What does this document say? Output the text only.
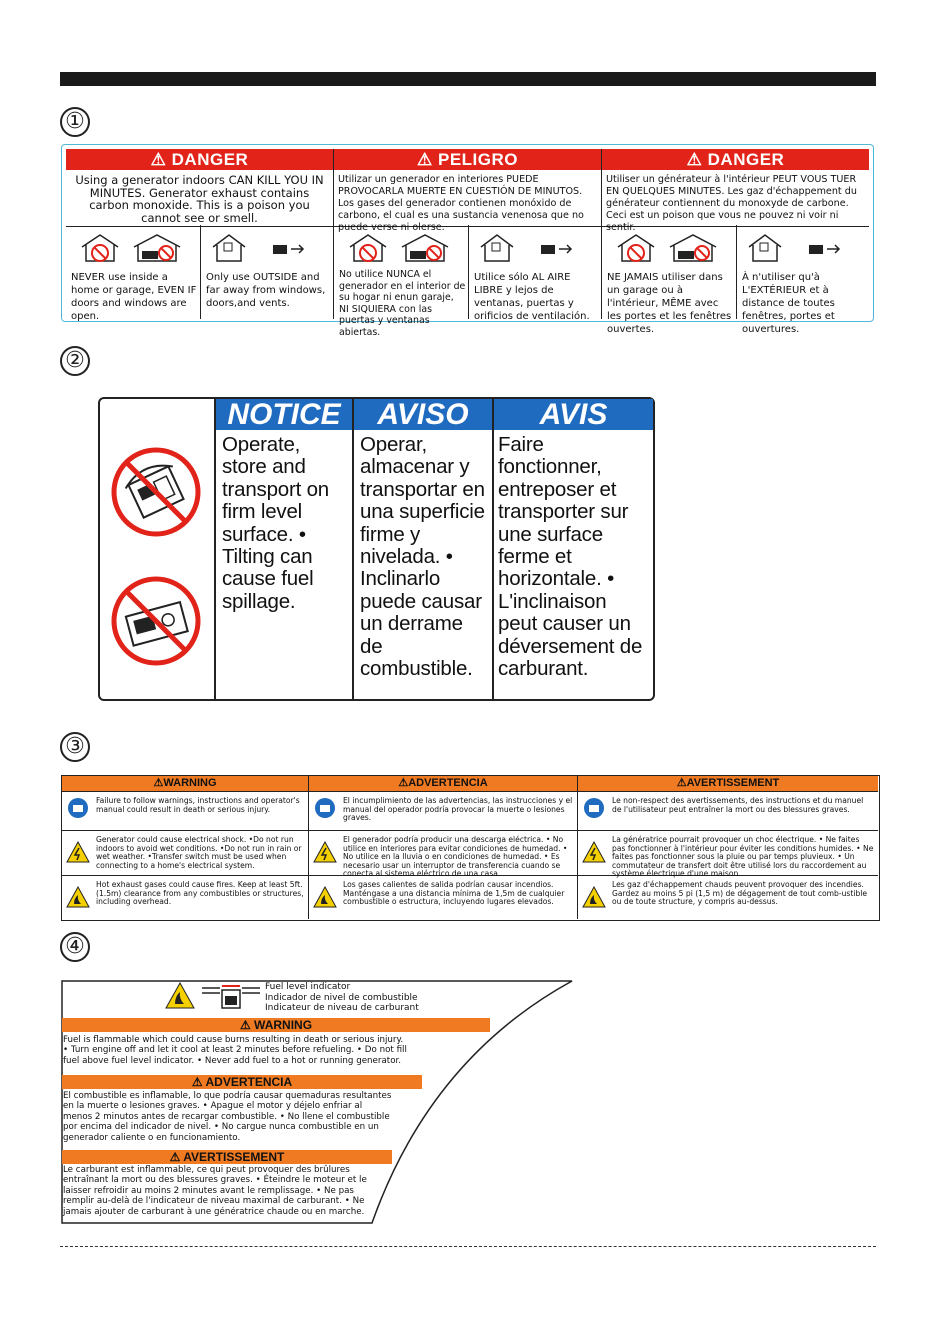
①
⚠ DANGER
Using a generator indoors CAN KILL YOU IN MINUTES. Generator exhaust contains carbon monoxide. This is a poison you cannot see or smell.
NEVER use inside a home or garage, EVEN IF doors and windows are open.
Only use OUTSIDE and far away from windows, doors,and vents.
⚠ PELIGRO
Utilizar un generador en interiores PUEDE PROVOCARLA MUERTE EN CUESTIÓN DE MINUTOS. Los gases del generador contienen monóxido de carbono, el cual es una sustancia venenosa que no puede verse ni olerse.
No utilice NUNCA el generador en el interior de su hogar ni enun garaje, NI SIQUIERA con las puertas y ventanas abiertas.
Utilice sólo AL AIRE LIBRE y lejos de ventanas, puertas y orificios de ventilación.
⚠ DANGER
Utiliser un générateur à l'intérieur PEUT VOUS TUER EN QUELQUES MINUTES. Les gaz d'échappement du générateur contiennent du monoxyde de carbone. Ceci est un poison que vous ne pouvez ni voir ni sentir.
NE JAMAIS utiliser dans un garage ou à l'intérieur, MÊME avec les portes et les fenêtres ouvertes.
À n'utiliser qu'à L'EXTÉRIEUR et à distance de toutes fenêtres, portes et ouvertures.
②
NOTICE
Operate, store and transport on firm level surface. • Tilting can cause fuel spillage.
AVISO
Operar, almacenar y transportar en una superficie firme y nivelada. • Inclinarlo puede causar un derrame de combustible.
AVIS
Faire fonctionner, entreposer et transporter sur une surface ferme et horizontale. • L'inclinaison peut causer un déversement de carburant.
③
⚠WARNING
Failure to follow warnings, instructions and operator's manual could result in death or serious injury.
Generator could cause electrical shock. •Do not run indoors to avoid wet conditions. •Do not run in rain or wet weather. •Transfer switch must be used when connecting to a home's electrical system.
Hot exhaust gases could cause fires. Keep at least 5ft. (1.5m) clearance from any combustibles or structures, including overhead.
⚠ADVERTENCIA
El incumplimiento de las advertencias, las instrucciones y el manual del operador podría provocar la muerte o lesiones graves.
El generador podría producir una descarga eléctrica. • No utilice en interiores para evitar condiciones de humedad. • No utilice en la lluvia o en condiciones de humedad. • Es necesario usar un interruptor de transferencia cuando se conecta al sistema eléctrico de una casa.
Los gases calientes de salida podrían causar incendios. Manténgase a una distancia mínima de 1,5m de cualquier combustible o estructura, incluyendo lugares elevados.
⚠AVERTISSEMENT
Le non-respect des avertissements, des instructions et du manuel de l'utilisateur peut entraîner la mort ou des blessures graves.
La génératrice pourrait provoquer un choc électrique. • Ne faites pas fonctionner à l'intérieur pour éviter les conditions humides. • Ne faites pas fonctionner sous la pluie ou par temps pluvieux. • Un commutateur de transfert doit être utilisé lors du raccordement au système électrique d'une maison.
Les gaz d'échappement chauds peuvent provoquer des incendies. Gardez au moins 5 pi (1,5 m) de dégagement de tout comb-ustible ou de toute structure, y compris au-dessus.
④
Fuel level indicator
Indicador de nivel de combustible
Indicateur de niveau de carburant
⚠ WARNING
Fuel is flammable which could cause burns resulting in death or serious injury. • Turn engine off and let it cool at least 2 minutes before refueling. • Do not fill fuel above fuel level indicator. • Never add fuel to a hot or running generator.
⚠ ADVERTENCIA
El combustible es inflamable, lo que podría causar quemaduras resultantes en la muerte o lesiones graves. • Apague el motor y déjelo enfriar al menos 2 minutos antes de recargar combustible. • No llene el combustible por encima del indicador de nivel. • No cargue nunca combustible en un generador caliente o en funcionamiento.
⚠ AVERTISSEMENT
Le carburant est inflammable, ce qui peut provoquer des brûlures entraînant la mort ou des blessures graves. • Éteindre le moteur et le laisser refroidir au moins 2 minutes avant le remplissage. • Ne pas remplir au-delà de l'indicateur de niveau maximal de carburant. • Ne jamais ajouter de carburant à une génératrice chaude ou en marche.
